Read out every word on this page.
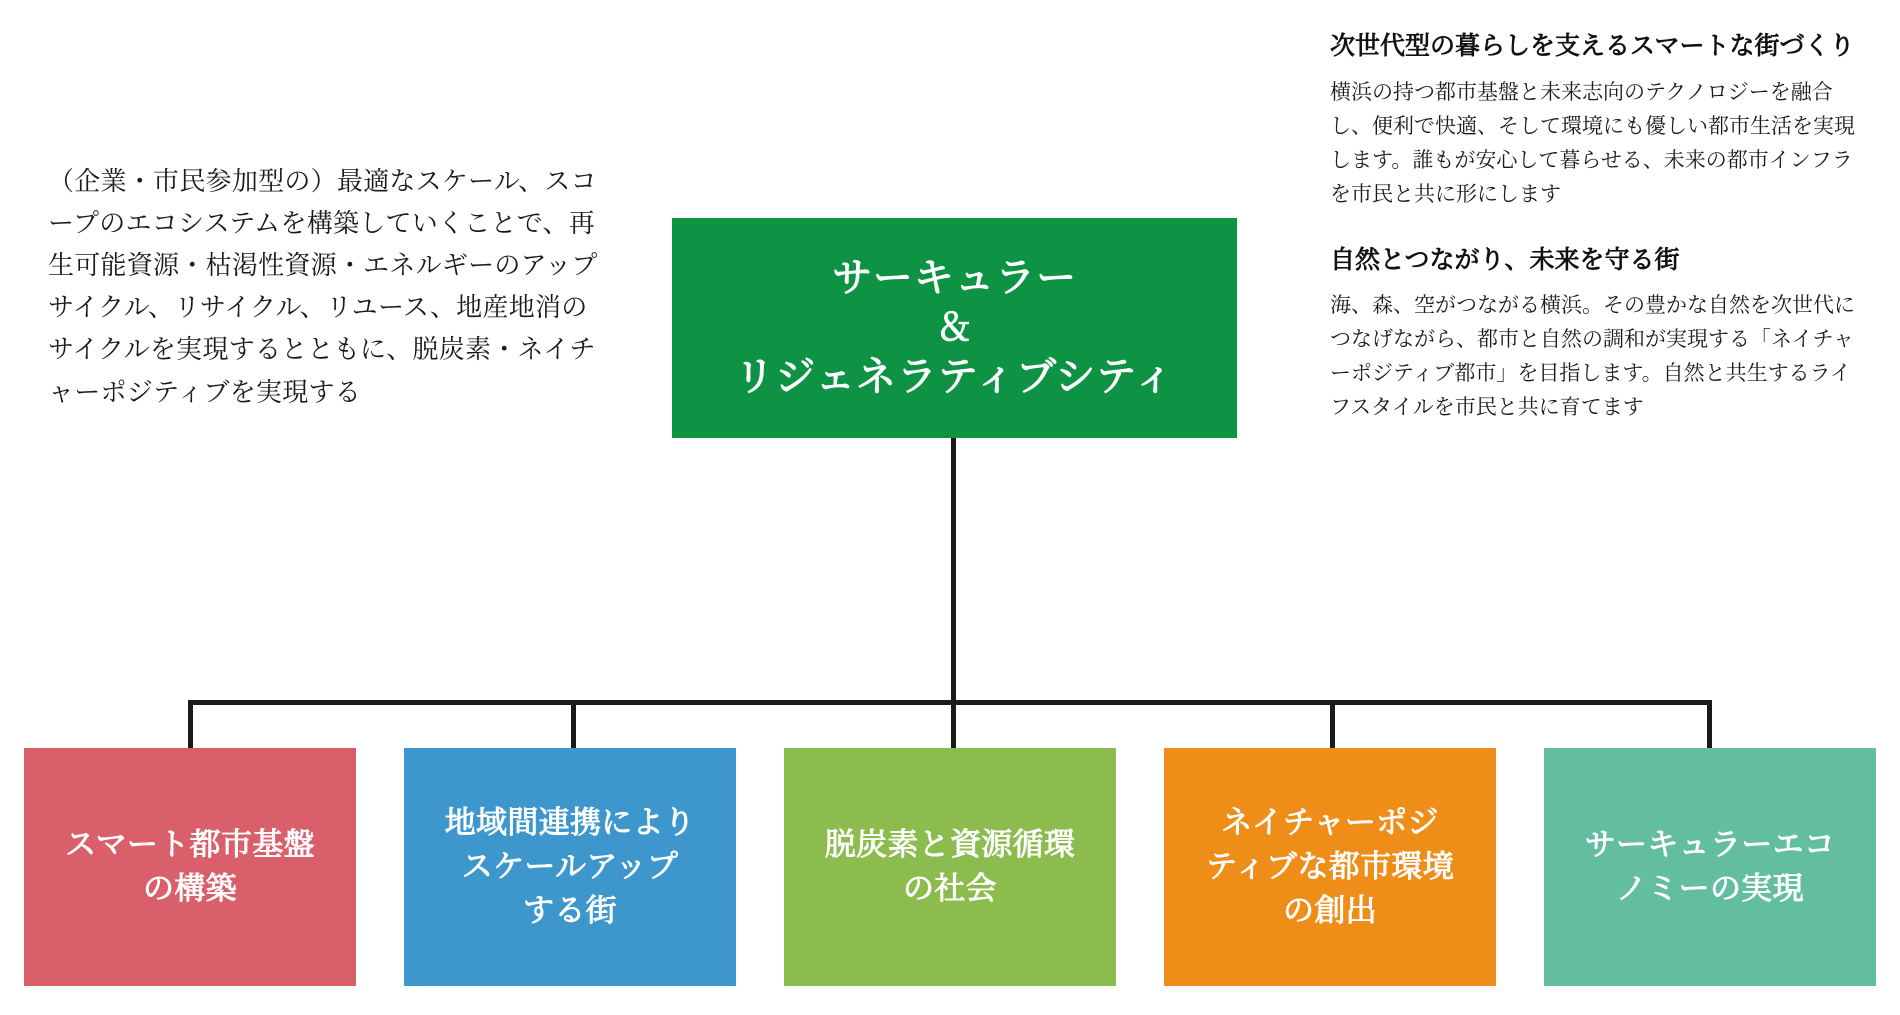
（企業・市民参加型の）最適なスケール、スコープのエコシステムを構築していくことで、再生可能資源・枯渇性資源・エネルギーのアップサイクル、リサイクル、リユース、地産地消のサイクルを実現するとともに、脱炭素・ネイチャーポジティブを実現する
次世代型の暮らしを支えるスマートな街づくり

横浜の持つ都市基盤と未来志向のテクノロジーを融合し、便利で快適、そして環境にも優しい都市生活を実現します。誰もが安心して暮らせる、未来の都市インフラを市民と共に形にします

自然とつながり、未来を守る街

海、森、空がつながる横浜。その豊かな自然を次世代につなげながら、都市と自然の調和が実現する「ネイチャーポジティブ都市」を目指します。自然と共生するライフスタイルを市民と共に育てます

サーキュラー
＆
リジェネラティブシティ
スマート都市基盤
の構築
地域間連携により
スケールアップ
する街
脱炭素と資源循環
の社会
ネイチャーポジ
ティブな都市環境
の創出
サーキュラーエコ
ノミーの実現
